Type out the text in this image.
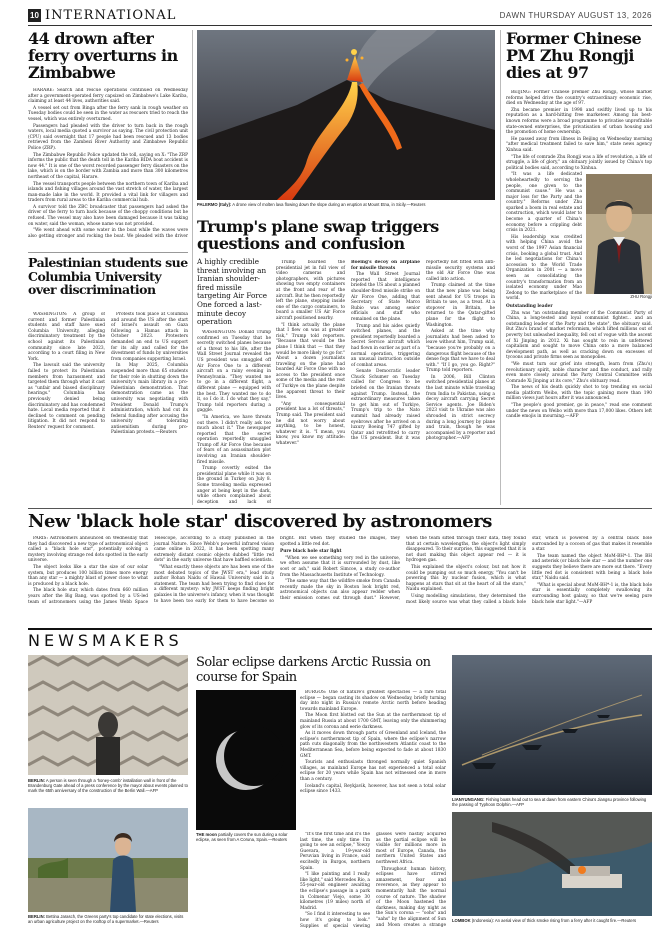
10 INTERNATIONAL	DAWN THURSDAY AUGUST 13, 2026
44 drown after ferry overturns in Zimbabwe

HARARE: Search and rescue operations continued on Wednesday after a government-operated ferry capsized on Zimbabwe's Lake Kariba, claiming at least 44 lives, authorities said.

A vessel set out from Binga after the ferry sank in rough weather on Tuesday bodies could be seen in the water as rescuers tried to reach the vessel, which was entirely overturned.

Passengers had pleaded with the driver to turn back in the rough waters, local media quoted a survivor as saying. The civil protection unit (CPU) said overnight that 17 people had been rescued and 13 bodies retrieved from the Zambezi River Authority and Zimbabwe Republic Police (ZRP).

The Zimbabwe Republic Police updated the toll, saying on X: "The ZRP informs the public that the death toll in the Kariba BIDA boat accident is now 44." It is one of the worst recorded passenger ferry disasters on the lake, which is on the border with Zambia and more than 300 kilometres northeast of the capital, Harare.

The vessel transports people between the northern town of Kariba and islands and fishing villages around the vast stretch of water, the largest man-made lake in the world. It provided a vital link for villagers and traders from rural areas to the Kariba commercial hub.

A survivor told the ZBC broadcaster that passengers had asked the driver of the ferry to turn back because of the choppy conditions but he refused. The vessel may also have been damaged because it was taking on water, said the woman, whose name was not provided.

"We went ahead with some water in the boat while the waves were also getting stronger and rocking the boat. We pleaded with the driver

Palestinian students sue Columbia University over discrimination

WASHINGTON: A group of current and former Palestinian students and staff have sued Columbia University, alleging discriminatory treatment by the school against its Palestinian community since late 2023, according to a court filing in New York.

The lawsuit said the university failed to protect its Palestinian members from harassment and targeted them through what it cast as "unfair and biased disciplinary hearings." Columbia has previously denied being discriminatory and has condemned hate. Local media reported that it declined to comment on pending litigation. It did not respond to Reuters' request for comment.

Protests took place at Columbia and around the US after the start of Israel's assault on Gaza following a Hamas attack in October 2023. Protesters demanded an end to US support for its ally and called for the divestment of funds by universities from companies supporting Israel.

In May 2025, Columbia suspended more than 65 students for their role in shutting down the university's main library in a pro-Palestinian demonstration. That demonstration came as the university was negotiating with President Donald Trump's administration, which had cut its federal funding after accusing the university of tolerating antisemitism during pro-Palestinian protests.—Reuters

PALERMO (Italy): A drone view of molten lava flowing down the slope during an eruption at Mount Etna, in Sicily.—Reuters
Trump's plane swap triggers questions and confusion
A highly credible threat involving an Iranian shoulder-fired missile targeting Air Force One forced a last-minute decoy operation

WASHINGTON: Donald Trump confirmed on Tuesday that he secretly switched planes because of a threat to his life, after the Wall Street Journal revealed the US president was smuggled off Air Force One to a different aircraft on a rainy evening in Pennsylvania. "They wanted me to go in a different flight, a different plane — equipped with the best. They wanted me to do it, so I do it. I do what they say," Trump told reporters during a gaggle.

"In America, we have threats out there. I didn't really ask too much about it." The newspaper reported that the secret operation reportedly smuggled Trump off Air Force One because of fears of an assassination plot involving an Iranian shoulder-fired missile.

Trump covertly exited the presidential plane while it was on the ground in Turkey on July 8. Some traveling media expressed anger at being kept in the dark, while others complained about deception and lack of

Trump boarded the presidential jet in full view of video cameras and photographers, with pictures showing two empty containers at the front and rear of the aircraft. But he then reportedly left the plane, stepping inside one of the cargo containers, to board a smaller US Air Force aircraft positioned nearby.

"I think actually the plane that I flew on was at greater risk," Trump told reporters. "Because that would be the plane I think that — that they would be more likely to go for." About a dozen journalists traveling on the plane had boarded Air Force One with no access to the president once some of the media and the rest of Turkiye on the plane despite the apparent threat to their lives.

"Any consequential president has a lot of threats," Trump said. The president said he did not worry about anything, to be honest, whatever it is. "I mean, you know, you know my attitude: whatever."

Boeing's decoy on airplane for missile threats

The Wall Street Journal reported that intelligence briefed the US about a planned shoulder-fired missile strike on Air Force One, adding that Secretary of State Marco Rubio was among senior officials and staff who remained on the plane.

Trump and his aides quietly switched planes, and the president reportedly boarded a Secret Service aircraft which had flown in earlier as part of a normal operation, triggering an unusual instruction outside of combat areas.

Senate Democratic leader Chuck Schumer on Tuesday called for Congress to be briefed on the Iranian threats against Trump. Instead, the extraordinary measures taken to get him out of Turkiye, Trump's trip to the Nato summit had already raised eyebrows after he arrived on a luxury Boeing 747 gifted by Qatar and retrofitted to carry the US president. But it was reportedly not fitted with anti-missile security systems and the old Air Force One was called into action.

Trump claimed at the time that the new plane was being sent ahead for US troops in Britain to use, as a treat. At a stopover in Britain, he returned to the Qatar-gifted plane for the flight to Washington.

Asked at the time why journalists had been asked to leave without him, Trump said, "because you're probably on a dangerous flight because of the dense fogs that we have to deal with." "If I go, you go. Right?" Trump told reporters.

In 2006, Bill Clinton switched presidential planes at the last minute while traveling from India to Pakistan, using a decoy aircraft carrying Secret Service agents. Joe Biden's 2023 visit to Ukraine was also shrouded in strict secrecy during a long journey by plane and train, though he was accompanied by a reporter and photographer.—AFP

Former Chinese PM Zhu Rongji dies at 97

BEIJING: Former Chinese premier Zhu Rongji, whose market reforms helped drive the country's extraordinary economic rise, died on Wednesday at the age of 97.

Zhu became premier in 1998 and swiftly lived up to his reputation as a hard-hitting free marketeer. Among his best-known reforms were a broad programme to privatise unprofitable state-owned enterprises, the privatisation of urban housing and the promotion of home ownership.

He passed away from illness in Beijing on Wednesday morning "after medical treatment failed to save him," state news agency Xinhua said.

"The life of comrade Zhu Rongji was a life of revolution, a life of struggle, a life of glory," an obituary jointly issued by China's top political bodies said, according to Xinhua.

ZHU Rongji

"It was a life dedicated wholeheartedly to serving the people, one given to the communist cause." He was a major loss for the Party and the country." Reforms under Zhu sparked a boom in real estate and construction, which would later to become a quarter of China's economy before a crippling debt crisis in 2021.

His leadership was credited with helping China avoid the worst of the 1997 Asian financial crisis, booking a global trust. And he led negotiations for China's accession to the World Trade Organization in 2001 — a move seen as consolidating the country's transformation from an isolated economy under Mao Zedong to the marketplace of the world.

Outstanding leader

Zhu was "an outstanding member of the Communist Party of China, a long-tested and loyal communist fighter... and an outstanding leader of the Party and the state", the obituary said. But Zhu's brand of market reformism, which lifted millions out of poverty but unleashed inequality, fell out of vogue with the ascent of Xi Jinping in 2012. Xi has sought to rein in unfettered capitalism and sought to move China onto a more balanced development path, as well as cracking down on excesses of tycoons and private firms seen as monopolies.

"We must turn our grief into strength, learn from (Zhu's) revolutionary spirit, noble character and fine conduct, and rally even more closely around the Party Central Committee with Comrade Xi Jinping at its core," Zhu's obituary read.

The news of his death quickly shot to top trending on social media platform Weibo, with the topic gaining more than 190 million views just hours after it was announced.

"The people's good premier, go in peace," read one comment under the news on Weibo with more than 17,000 likes. Others left candle emojis in mourning.—AFP

New 'black hole star' discovered by astronomers

PARIS: Astronomers announced on Wednesday that they had discovered a new type of astronomical object called a "black hole star", potentially solving a mystery involving strange red dots spotted in the early universe.

The object looks like a star the size of our solar system, but produces 100 billion times more energy than any star — a mighty blast of power close to what is produced by a black hole.

The black hole star, which dates from 660 million years after the Big Bang, was spotted by a US-led team of astronomers using the James Webb Space Telescope, according to a study published in the journal Nature. Since Webb's powerful infrared vision came online in 2022, it has been spotting many extremely distant cosmic objects dubbed "little red dots" in the early universe that have baffled scientists.

"What exactly these objects are has been one of the most debated topics of the JWST era," lead study author Rohan Naidu of Hawaii University said in a statement. The team had been trying to find clues for a different mystery: why JWST keeps finding bright galaxies in the universe's infancy, when it was thought to have been too early for them to have become so bright. But when they studied the images, they spotted a little red dot.

Pure black hole star light

"When we see something very red in the universe, we often assume that it is surrounded by dust, like soot or ash," said Robert Simcoe, a study co-author from the Massachusetts Institute of Technology.

"The same way that the wildfire smoke from Canada recently made the sky in Boston look bright red, astronomical objects can also appear redder when their emission comes out through dust." However, when the team sifted through their data, they found that at certain wavelengths, the object's light simply disappeared. To their surprise, this suggested that it is not dust making this object appear red — it is hydrogen gas.

This explained the object's colour, but not how it could be pumping out so much energy. "You can't be powering this by nuclear fusion, which is what happens at stars that sit at the heart of all the stars," Naidu explained.

Using modelling simulations, they determined the most likely source was what they called a black hole star, which is powered by a central black hole surrounded by a cocoon of gas that makes it resemble a star.

The team named the object MoM-BH*-1. The BH and asterisk (or black hole star — and the number one suggests they believe there are more out there. "Every little red dot is consistent with being a black hole star," Naidu said.

"What is special about MoM-BH*-1 is, the black hole star is essentially completely swallowing its surrounding host galaxy, so that we're seeing pure black hole star light."—AFP

NEWSMAKERS
BERLIN: A person is seen through a 'honey-comb' installation wall in front of the Brandenburg Gate ahead of a press conference by the mayor about events planned to mark the 65th anniversary of the construction of the Berlin Wall.—AFP
BERLIN: Bettina Jarasch, the Greens party's top candidate for state elections, visits an urban agriculture project on the rooftop of a supermarket.—Reuters
Solar eclipse darkens Arctic Russia on course for Spain

BURGOS: One of nature's greatest spectacles — a rare total eclipse — began casting its shadow on Wednesday, briefly turning day into night in Russia's remote Arctic north before heading towards mainland Europe.

The Moon first blotted out the Sun at the northernmost tip of mainland Russia at about 1700 GMT, leaving only the shimmering glow of its corona and eerie darkness.

As it moves down through parts of Greenland and Iceland, the eclipse's northernmost tip of Spain, where the eclipse's narrow path cuts diagonally from the northwestern Atlantic coast to the Mediterranean Sea, before being expected to fade at about 1830 GMT.

Tourists and enthusiasts thronged normally quiet Spanish villages, as mainland Europe has not experienced a total solar eclipse for 20 years while Spain has not witnessed one in more than a century.

Iceland's capital, Reykjavik, however, has not seen a total solar eclipse since 1433.

THE moon partially covers the sun during a solar eclipse, as seen from A Coruna, Spain.—Reuters

"It's the first time and it's the last time, the only time I'm going to see an eclipse," Yowzy Guevara, a 19-year-old Peruvian living in France, said excitedly in Burgos, northern Spain.

"I like painting and I really like light," said Mercedes Rio, a 55-year-old engineer awaiting the eclipse's passage in a park in Colmenar Viejo, some 30 kilometres (19 miles) north of Madrid.

"So I find it interesting to see how it's going to look." Supplies of special viewing glasses were hastily acquired as the partial eclipse will be visible for millions more in most of Europe, Canada, the northern United States and northwest Africa.

Throughout human history, eclipses have stirred amazement, fear and reverence, as they appear to momentarily halt the normal course of nature. The shadow of the Moon hastened the darkness, making day night as the Sun's corona — "oohs" and "aahs" by the alignment of Sun and Moon creates a strange

LIANYUNGANG: Fishing boats head out to sea at dawn from eastern China's Jiangsu province following the passing of Typhoon Dolphin.—AFP
LOMBOK (Indonesia): An aerial view of thick smoke rising from a ferry after it caught fire.—Reuters
